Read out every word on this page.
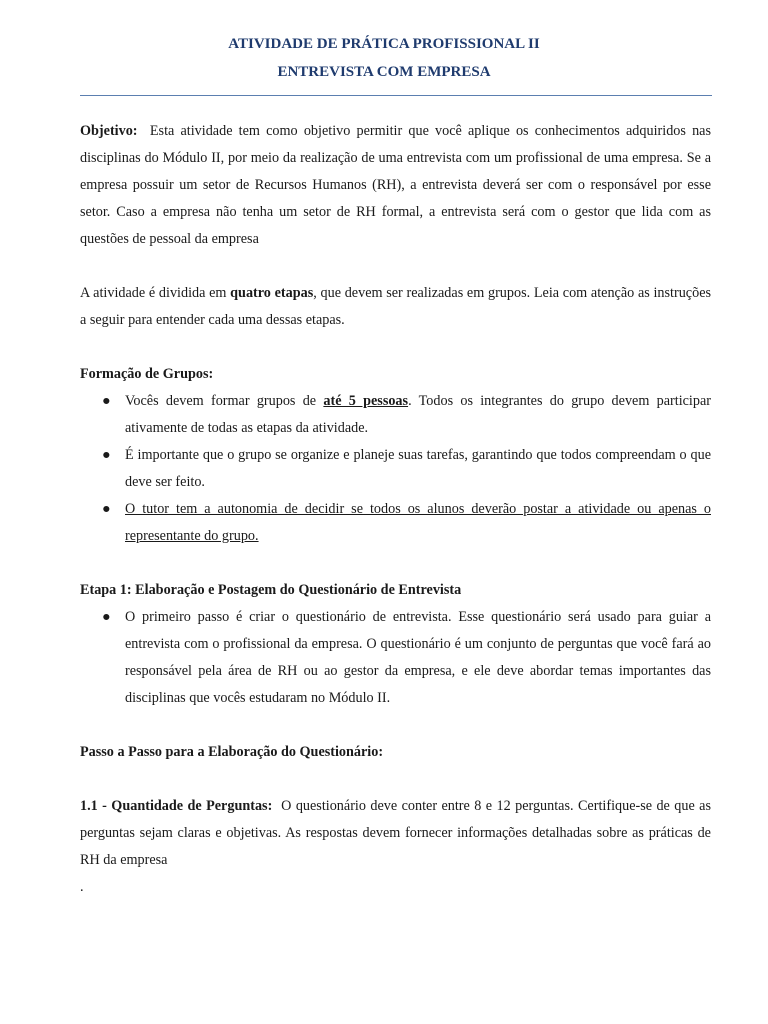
ATIVIDADE DE PRÁTICA PROFISSIONAL II
ENTREVISTA COM EMPRESA

Objetivo: Esta atividade tem como objetivo permitir que você aplique os conhecimentos adquiridos nas disciplinas do Módulo II, por meio da realização de uma entrevista com um profissional de uma empresa. Se a empresa possuir um setor de Recursos Humanos (RH), a entrevista deverá ser com o responsável por esse setor. Caso a empresa não tenha um setor de RH formal, a entrevista será com o gestor que lida com as questões de pessoal da empresa

A atividade é dividida em quatro etapas, que devem ser realizadas em grupos. Leia com atenção as instruções a seguir para entender cada uma dessas etapas.

Formação de Grupos:

● Vocês devem formar grupos de até 5 pessoas. Todos os integrantes do grupo devem participar ativamente de todas as etapas da atividade.
● É importante que o grupo se organize e planeje suas tarefas, garantindo que todos compreendam o que deve ser feito.
● O tutor tem a autonomia de decidir se todos os alunos deverão postar a atividade ou apenas o representante do grupo.

Etapa 1: Elaboração e Postagem do Questionário de Entrevista

● O primeiro passo é criar o questionário de entrevista. Esse questionário será usado para guiar a entrevista com o profissional da empresa. O questionário é um conjunto de perguntas que você fará ao responsável pela área de RH ou ao gestor da empresa, e ele deve abordar temas importantes das disciplinas que vocês estudaram no Módulo II.

Passo a Passo para a Elaboração do Questionário:

1.1 - Quantidade de Perguntas: O questionário deve conter entre 8 e 12 perguntas. Certifique-se de que as perguntas sejam claras e objetivas. As respostas devem fornecer informações detalhadas sobre as práticas de RH da empresa

.
